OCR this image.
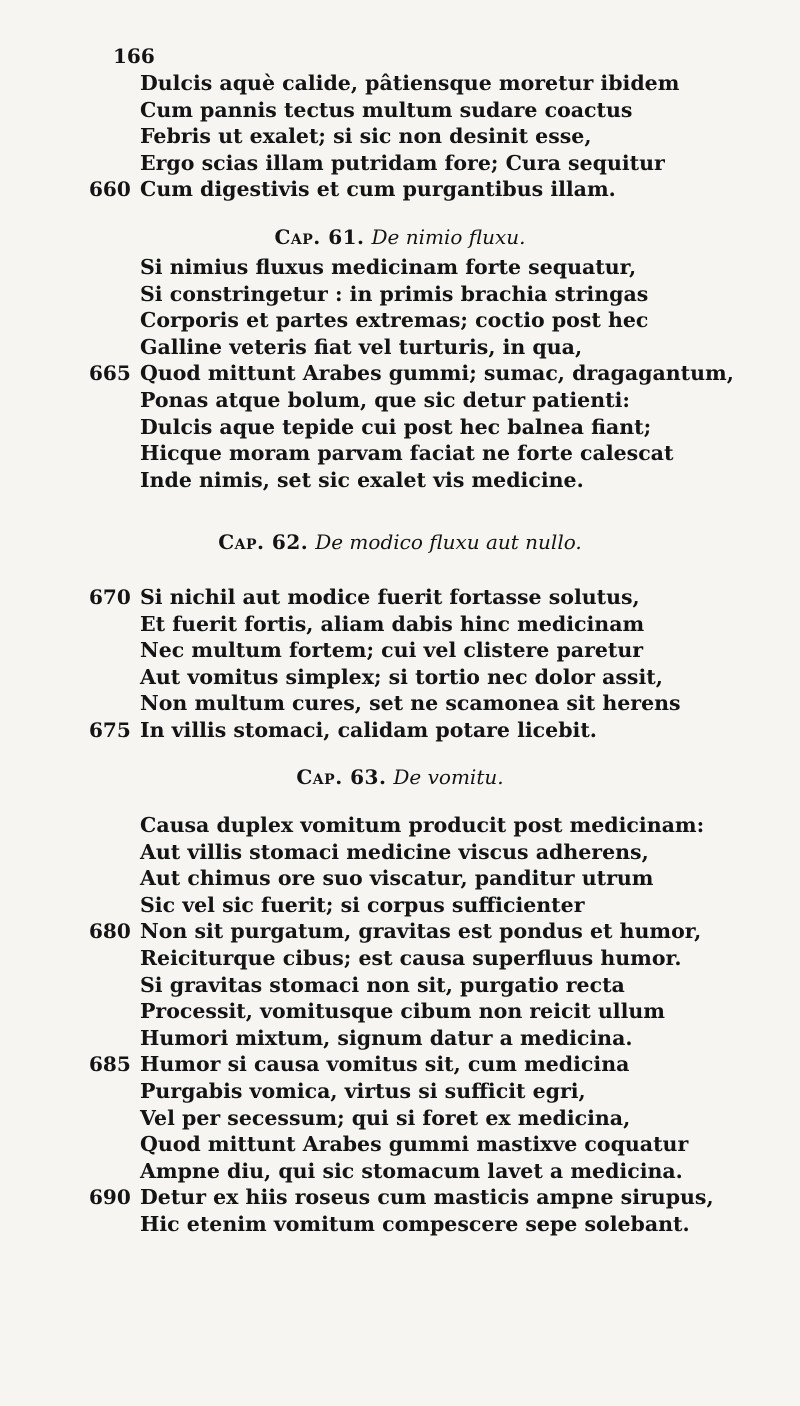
166
Dulcis aquè calide, pâtiensque moretur ibidem
Cum pannis tectus multum sudare coactus
Febris ut exalet; si sic non desinit esse,
Ergo scias illam putridam fore; Cura sequitur
660 Cum digestivis et cum purgantibus illam.
Cap. 61. De nimio fluxu.
Si nimius fluxus medicinam forte sequatur,
Si constringetur : in primis brachia stringas
Corporis et partes extremas; coctio post hec
Galline veteris fiat vel turturis, in qua,
665 Quod mittunt Arabes gummi; sumac, dragagantum,
Ponas atque bolum, que sic detur patienti:
Dulcis aque tepide cui post hec balnea fiant;
Hicque moram parvam faciat ne forte calescat
Inde nimis, set sic exalet vis medicine.
Cap. 62. De modico fluxu aut nullo.
670 Si nichil aut modice fuerit fortasse solutus,
Et fuerit fortis, aliam dabis hinc medicinam
Nec multum fortem; cui vel clistere paretur
Aut vomitus simplex; si tortio nec dolor assit,
Non multum cures, set ne scamonea sit herens
675 In villis stomaci, calidam potare licebit.
Cap. 63. De vomitu.
Causa duplex vomitum producit post medicinam:
Aut villis stomaci medicine viscus adherens,
Aut chimus ore suo viscatur, panditur utrum
Sic vel sic fuerit; si corpus sufficienter
680 Non sit purgatum, gravitas est pondus et humor,
Reiciturque cibus; est causa superfluus humor.
Si gravitas stomaci non sit, purgatio recta
Processit, vomitusque cibum non reicit ullum
Humori mixtum, signum datur a medicina.
685 Humor si causa vomitus sit, cum medicina
Purgabis vomica, virtus si sufficit egri,
Vel per secessum; qui si foret ex medicina,
Quod mittunt Arabes gummi mastixve coquatur
Ampne diu, qui sic stomacum lavet a medicina.
690 Detur ex hiis roseus cum masticis ampne sirupus,
Hic etenim vomitum compescere sepe solebant.
